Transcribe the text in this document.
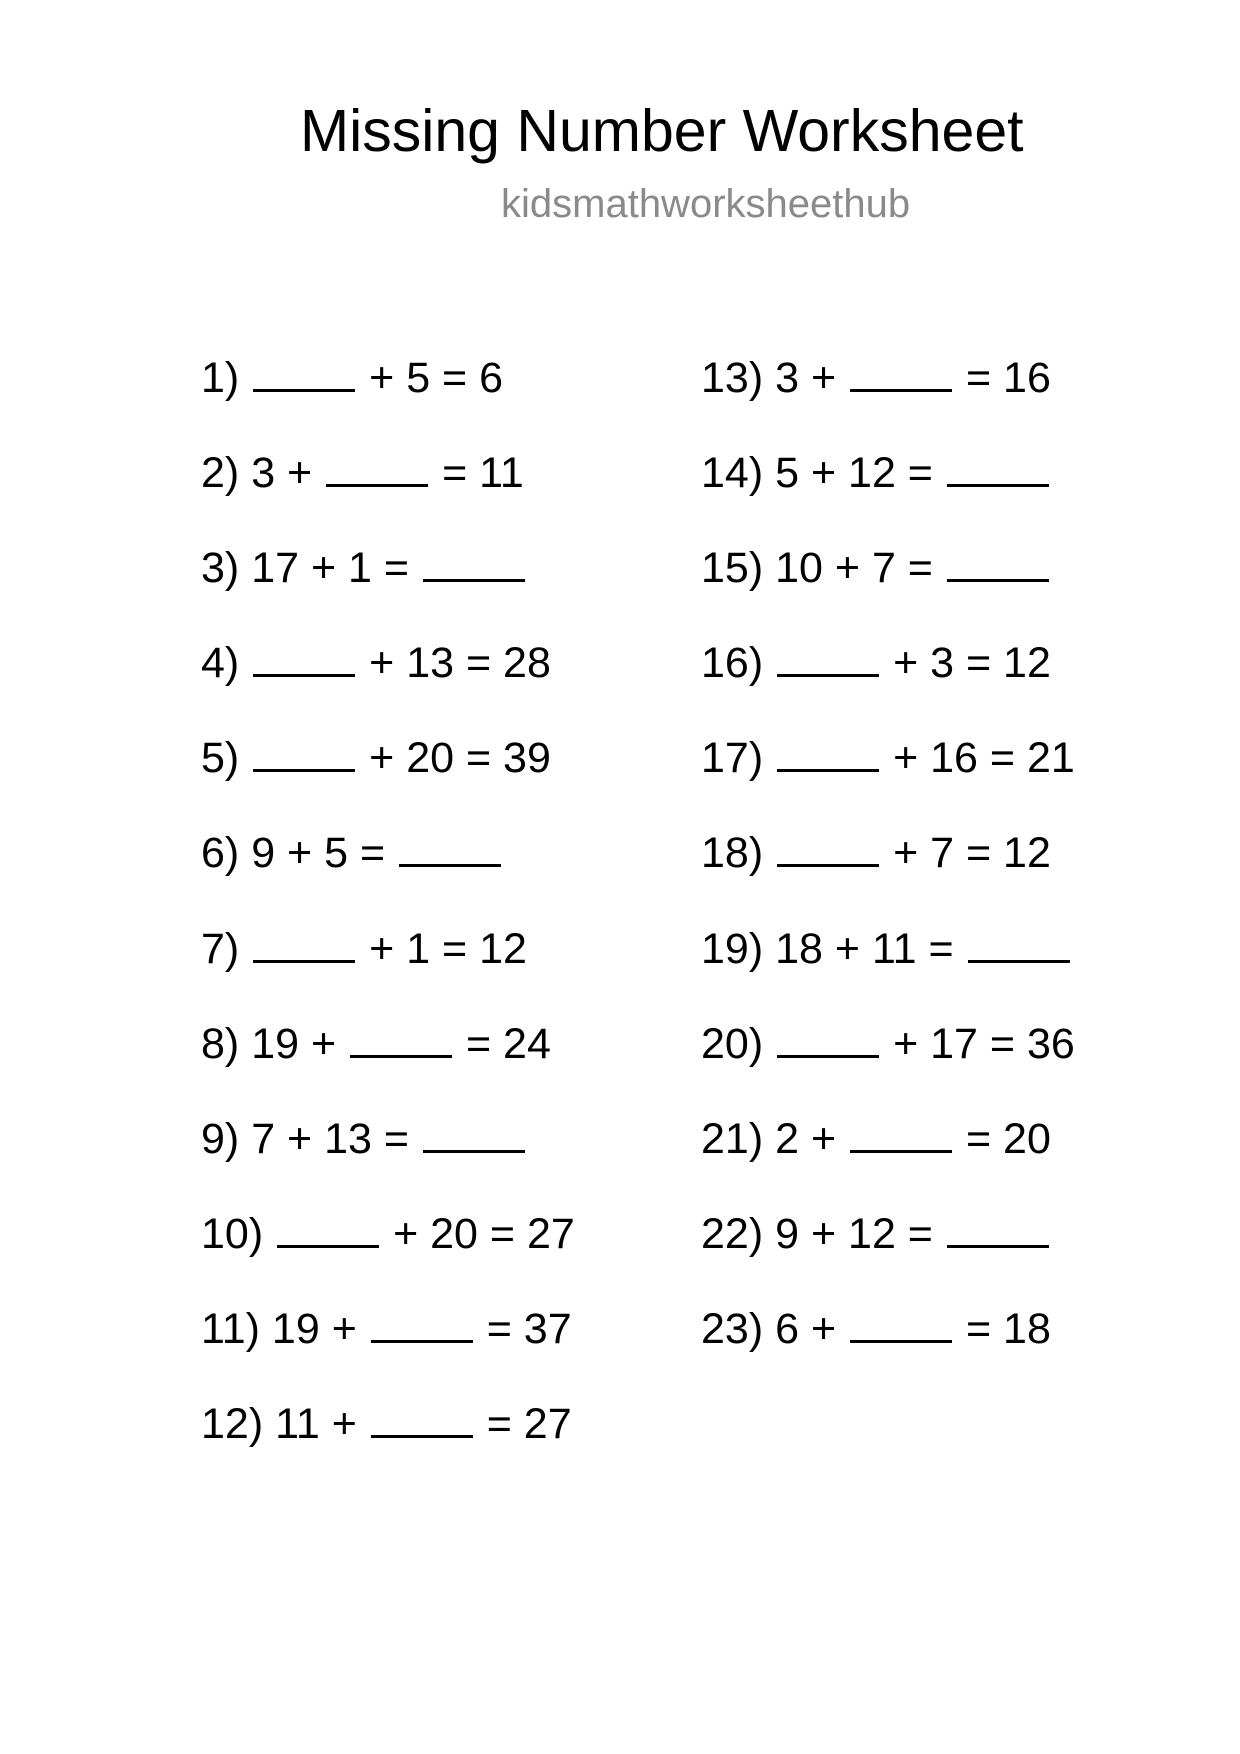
Missing Number Worksheet
kidsmathworksheethub
1)	+ 5 = 6
2) 3 +	= 11
3) 17 + 1 =
4)	+ 13 = 28
5)	+ 20 = 39
6) 9 + 5 =
7)	+ 1 = 12
8) 19 +	= 24
9) 7 + 13 =
10)	+ 20 = 27
11) 19 +	= 37
12) 11 +	= 27
13) 3 +	= 16
14) 5 + 12 =
15) 10 + 7 =
16)	+ 3 = 12
17)	+ 16 = 21
18)	+ 7 = 12
19) 18 + 11 =
20)	+ 17 = 36
21) 2 +	= 20
22) 9 + 12 =
23) 6 +	= 18
